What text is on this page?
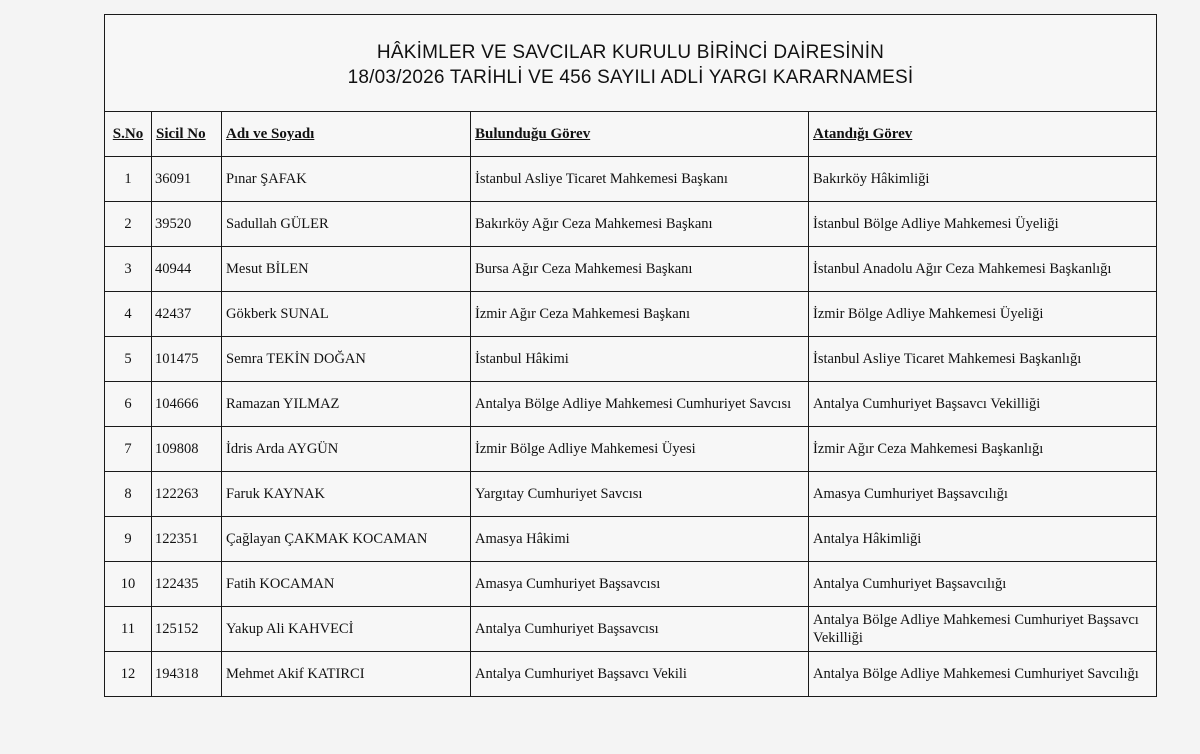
HÂKİMLER VE SAVCILAR KURULU BİRİNCİ DAİRESİNİN
18/03/2026 TARİHLİ VE 456 SAYILI ADLİ YARGI KARARNAMESİ				

S.No	Sicil No	Adı ve Soyadı	Bulunduğu Görev	Atandığı Görev
1	36091	Pınar ŞAFAK	İstanbul Asliye Ticaret Mahkemesi Başkanı	Bakırköy Hâkimliği
2	39520	Sadullah GÜLER	Bakırköy Ağır Ceza Mahkemesi Başkanı	İstanbul Bölge Adliye Mahkemesi Üyeliği
3	40944	Mesut BİLEN	Bursa Ağır Ceza Mahkemesi Başkanı	İstanbul Anadolu Ağır Ceza Mahkemesi Başkanlığı
4	42437	Gökberk SUNAL	İzmir Ağır Ceza Mahkemesi Başkanı	İzmir Bölge Adliye Mahkemesi Üyeliği
5	101475	Semra TEKİN DOĞAN	İstanbul Hâkimi	İstanbul Asliye Ticaret Mahkemesi Başkanlığı
6	104666	Ramazan YILMAZ	Antalya Bölge Adliye Mahkemesi Cumhuriyet Savcısı	Antalya Cumhuriyet Başsavcı Vekilliği
7	109808	İdris Arda AYGÜN	İzmir Bölge Adliye Mahkemesi Üyesi	İzmir Ağır Ceza Mahkemesi Başkanlığı
8	122263	Faruk KAYNAK	Yargıtay Cumhuriyet Savcısı	Amasya Cumhuriyet Başsavcılığı
9	122351	Çağlayan ÇAKMAK KOCAMAN	Amasya Hâkimi	Antalya Hâkimliği
10	122435	Fatih KOCAMAN	Amasya Cumhuriyet Başsavcısı	Antalya Cumhuriyet Başsavcılığı
11	125152	Yakup Ali KAHVECİ	Antalya Cumhuriyet Başsavcısı	Antalya Bölge Adliye Mahkemesi Cumhuriyet Başsavcı Vekilliği
12	194318	Mehmet Akif KATIRCI	Antalya Cumhuriyet Başsavcı Vekili	Antalya Bölge Adliye Mahkemesi Cumhuriyet Savcılığı
